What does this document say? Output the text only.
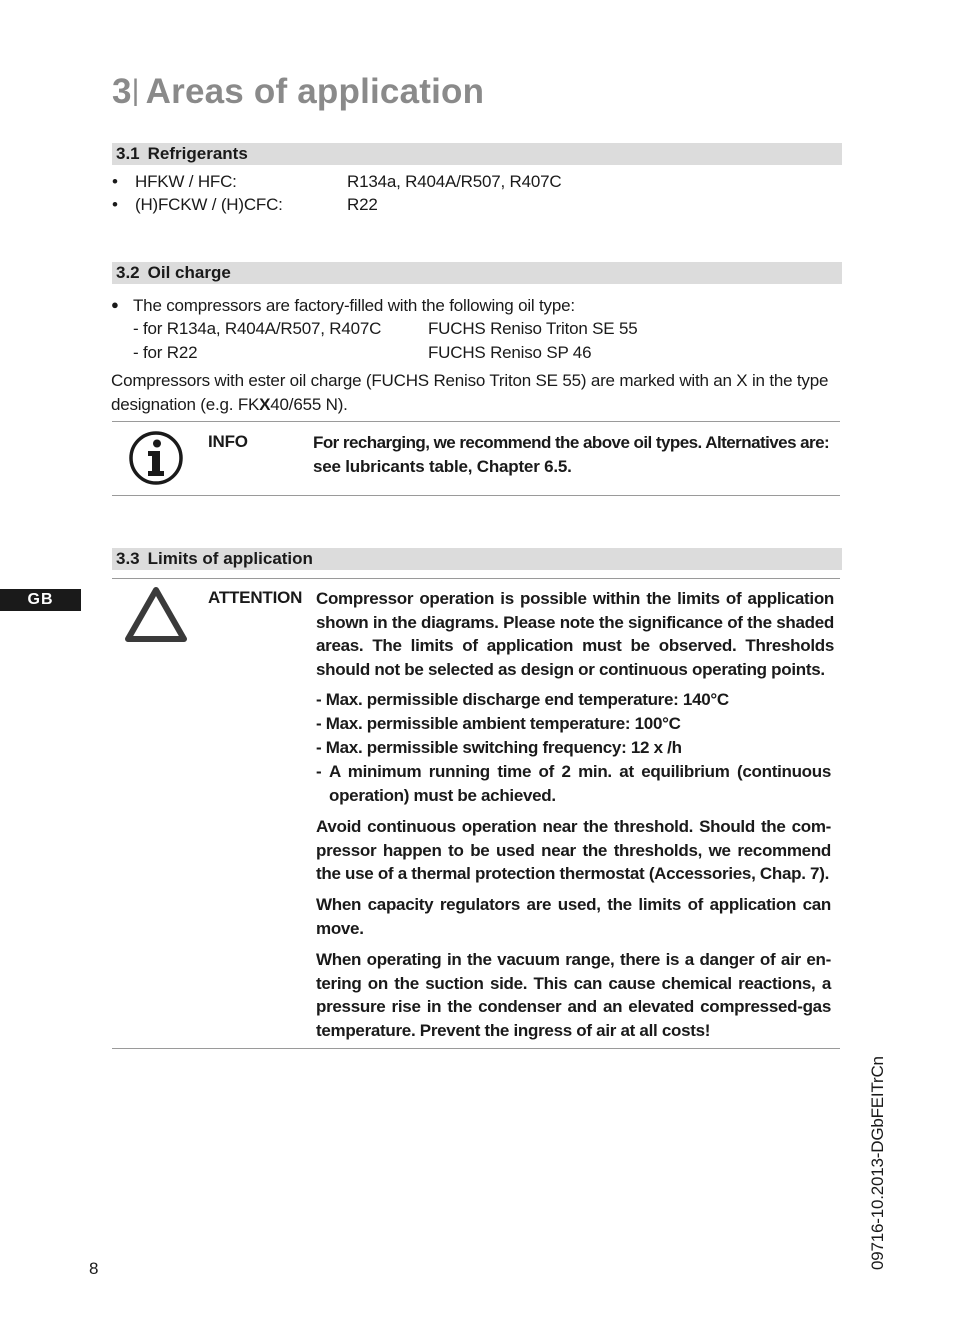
3| Areas of application
3.1 Refrigerants
• HFKW / HFC:	R134a, R404A/R507, R407C
• (H)FCKW / (H)CFC:	R22
3.2 Oil charge
● The compressors are factory-filled with the following oil type:
- for R134a, R404A/R507, R407C	FUCHS Reniso Triton SE 55
- for R22	FUCHS Reniso SP 46
Compressors with ester oil charge (FUCHS Reniso Triton SE 55) are marked with an X in the type
designation (e.g. FKX40/655 N).
INFO	For recharging, we recommend the above oil types. Alternatives are:
see lubricants table, Chapter 6.5.
3.3 Limits of application
GB	ATTENTION Compressor operation is possible within the limits of application shown in the diagrams. Please note the significance of the shaded areas. The limits of application must be observed. Thresholds should not be selected as design or continuous operating points.
- Max. permissible discharge end temperature: 140°C
- Max. permissible ambient temperature: 100°C
- Max. permissible switching frequency: 12 x /h
- A minimum running time of 2 min. at equilibrium (continuous operation) must be achieved.
Avoid continuous operation near the threshold. Should the com-pressor happen to be used near the thresholds, we recommend the use of a thermal protection thermostat (Accessories, Chap. 7).
When capacity regulators are used, the limits of application can move.
When operating in the vacuum range, there is a danger of air en-tering on the suction side. This can cause chemical reactions, a pressure rise in the condenser and an elevated compressed-gas temperature. Prevent the ingress of air at all costs!
8	09716-10.2013-DGbFEITrCn
